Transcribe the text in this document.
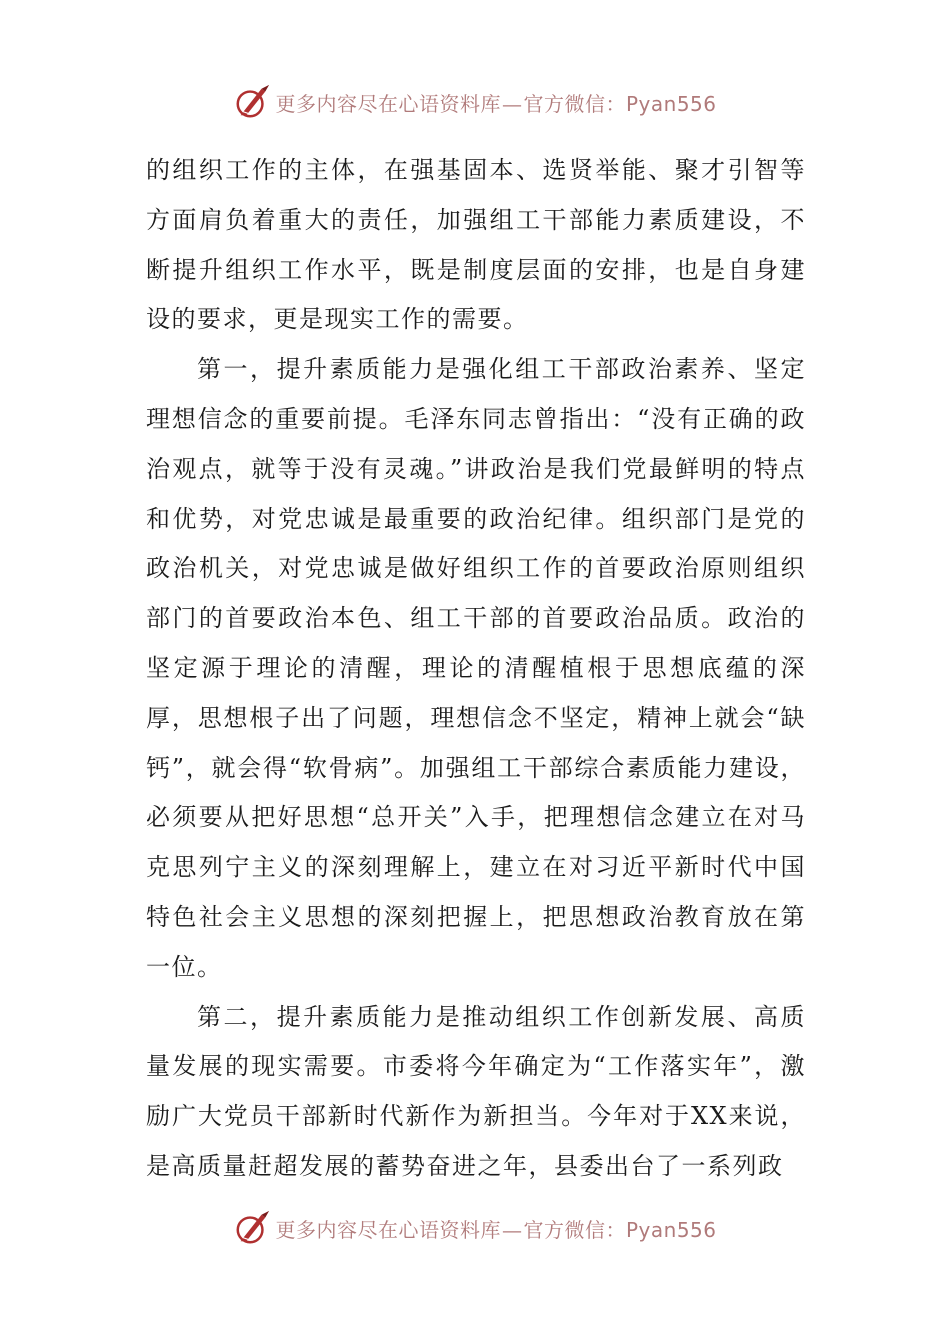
更多内容尽在心语资料库—官方微信：Pyan556

的组织工作的主体，在强基固本、选贤举能、聚才引智等方面肩负着重大的责任，加强组工干部能力素质建设，不断提升组织工作水平，既是制度层面的安排，也是自身建设的要求，更是现实工作的需要。

第一，提升素质能力是强化组工干部政治素养、坚定理想信念的重要前提。毛泽东同志曾指出：“没有正确的政治观点，就等于没有灵魂。”讲政治是我们党最鲜明的特点和优势，对党忠诚是最重要的政治纪律。组织部门是党的政治机关，对党忠诚是做好组织工作的首要政治原则组织部门的首要政治本色、组工干部的首要政治品质。政治的坚定源于理论的清醒，理论的清醒植根于思想底蕴的深厚，思想根子出了问题，理想信念不坚定，精神上就会“缺钙”，就会得“软骨病”。加强组工干部综合素质能力建设，必须要从把好思想“总开关”入手，把理想信念建立在对马克思列宁主义的深刻理解上，建立在对习近平新时代中国特色社会主义思想的深刻把握上，把思想政治教育放在第一位。

第二，提升素质能力是推动组织工作创新发展、高质量发展的现实需要。市委将今年确定为“工作落实年”，激励广大党员干部新时代新作为新担当。今年对于XX来说，是高质量赶超发展的蓄势奋进之年，县委出台了一系列政

更多内容尽在心语资料库—官方微信：Pyan556
